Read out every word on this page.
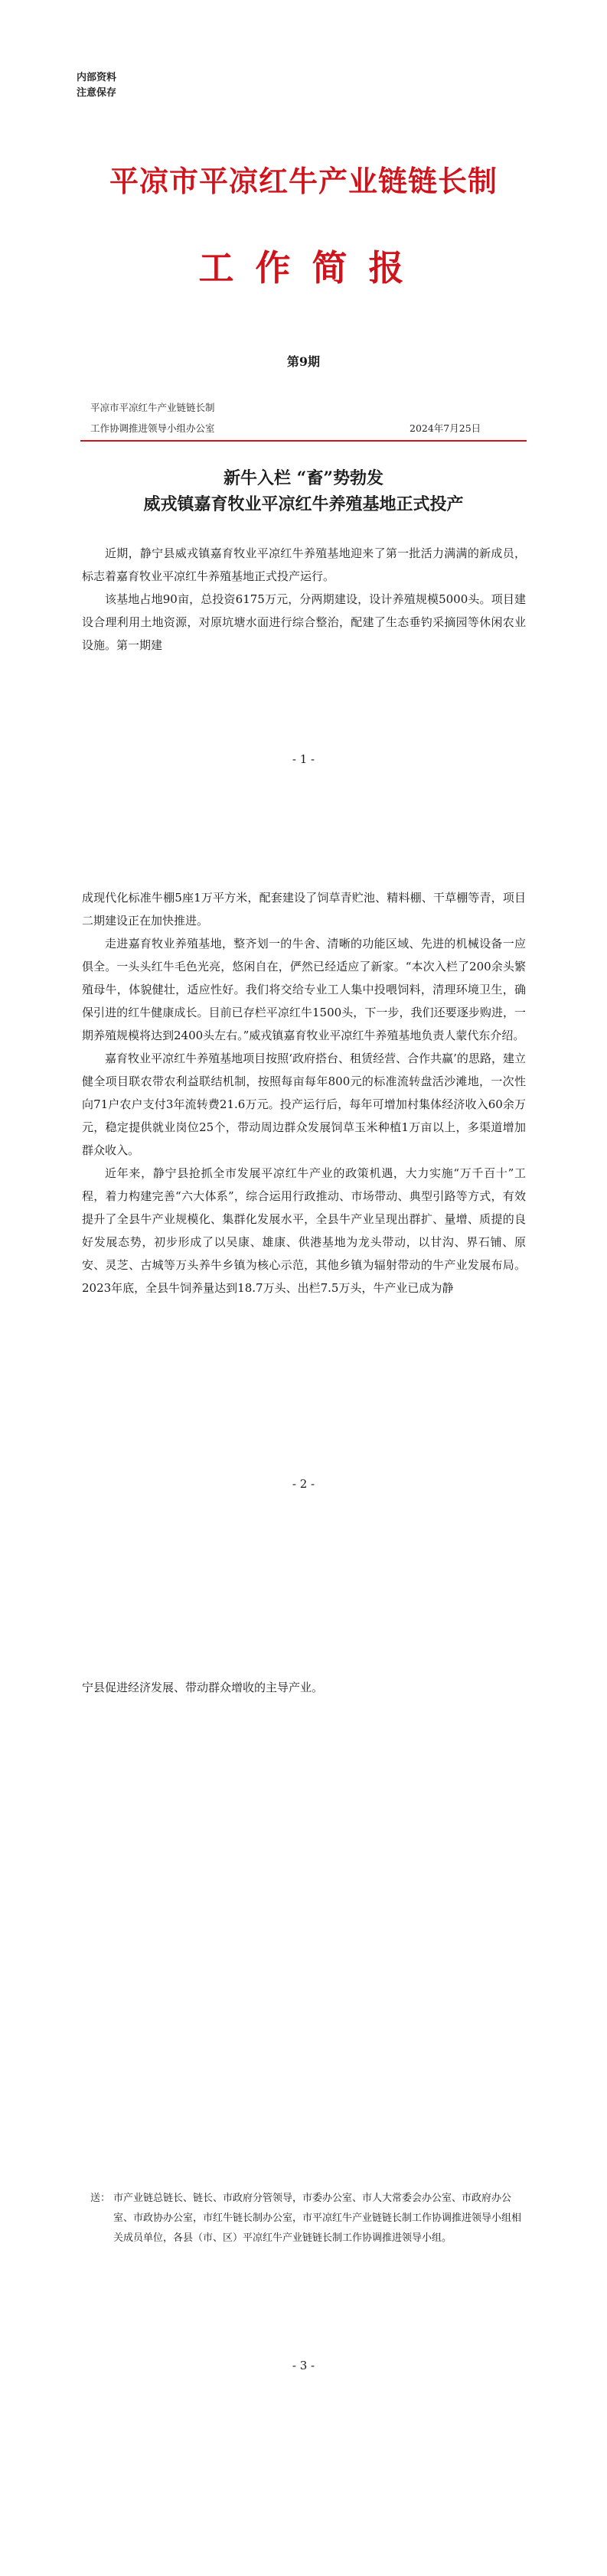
内部资料
注意保存
平凉市平凉红牛产业链链长制
工 作 简 报
第9期
平凉市平凉红牛产业链链长制
工作协调推进领导小组办公室	2024年7月25日
新牛入栏 “畜”势勃发
威戎镇嘉育牧业平凉红牛养殖基地正式投产

近期，静宁县威戎镇嘉育牧业平凉红牛养殖基地迎来了第一批活力满满的新成员，标志着嘉育牧业平凉红牛养殖基地正式投产运行。

该基地占地90亩，总投资6175万元，分两期建设，设计养殖规模5000头。项目建设合理利用土地资源，对原坑塘水面进行综合整治，配建了生态垂钓采摘园等休闲农业设施。第一期建

- 1 -

成现代化标准牛棚5座1万平方米，配套建设了饲草青贮池、精料棚、干草棚等青，项目二期建设正在加快推进。

走进嘉育牧业养殖基地，整齐划一的牛舍、清晰的功能区域、先进的机械设备一应俱全。一头头红牛毛色光亮，悠闲自在，俨然已经适应了新家。“本次入栏了200余头繁殖母牛，体貌健壮，适应性好。我们将交给专业工人集中投喂饲料，清理环境卫生，确保引进的红牛健康成长。目前已存栏平凉红牛1500头，下一步，我们还要逐步购进，一期养殖规模将达到2400头左右。”威戎镇嘉育牧业平凉红牛养殖基地负责人蒙代东介绍。

嘉育牧业平凉红牛养殖基地项目按照‘政府搭台、租赁经营、合作共赢’的思路，建立健全项目联农带农利益联结机制，按照每亩每年800元的标准流转盘活沙滩地，一次性向71户农户支付3年流转费21.6万元。投产运行后，每年可增加村集体经济收入60余万元，稳定提供就业岗位25个，带动周边群众发展饲草玉米种植1万亩以上，多渠道增加群众收入。

近年来，静宁县抢抓全市发展平凉红牛产业的政策机遇，大力实施“万千百十”工程，着力构建完善“六大体系”，综合运用行政推动、市场带动、典型引路等方式，有效提升了全县牛产业规模化、集群化发展水平，全县牛产业呈现出群扩、量增、质提的良好发展态势，初步形成了以吴康、雄康、供港基地为龙头带动，以甘沟、界石铺、原安、灵芝、古城等万头养牛乡镇为核心示范，其他乡镇为辐射带动的牛产业发展布局。2023年底，全县牛饲养量达到18.7万头、出栏7.5万头，牛产业已成为静

- 2 -

宁县促进经济发展、带动群众增收的主导产业。

送： 市产业链总链长、链长、市政府分管领导，市委办公室、市人大常委会办公室、市政府办公室、市政协办公室，市红牛链长制办公室，市平凉红牛产业链链长制工作协调推进领导小组相关成员单位，各县（市、区）平凉红牛产业链链长制工作协调推进领导小组。
- 3 -
